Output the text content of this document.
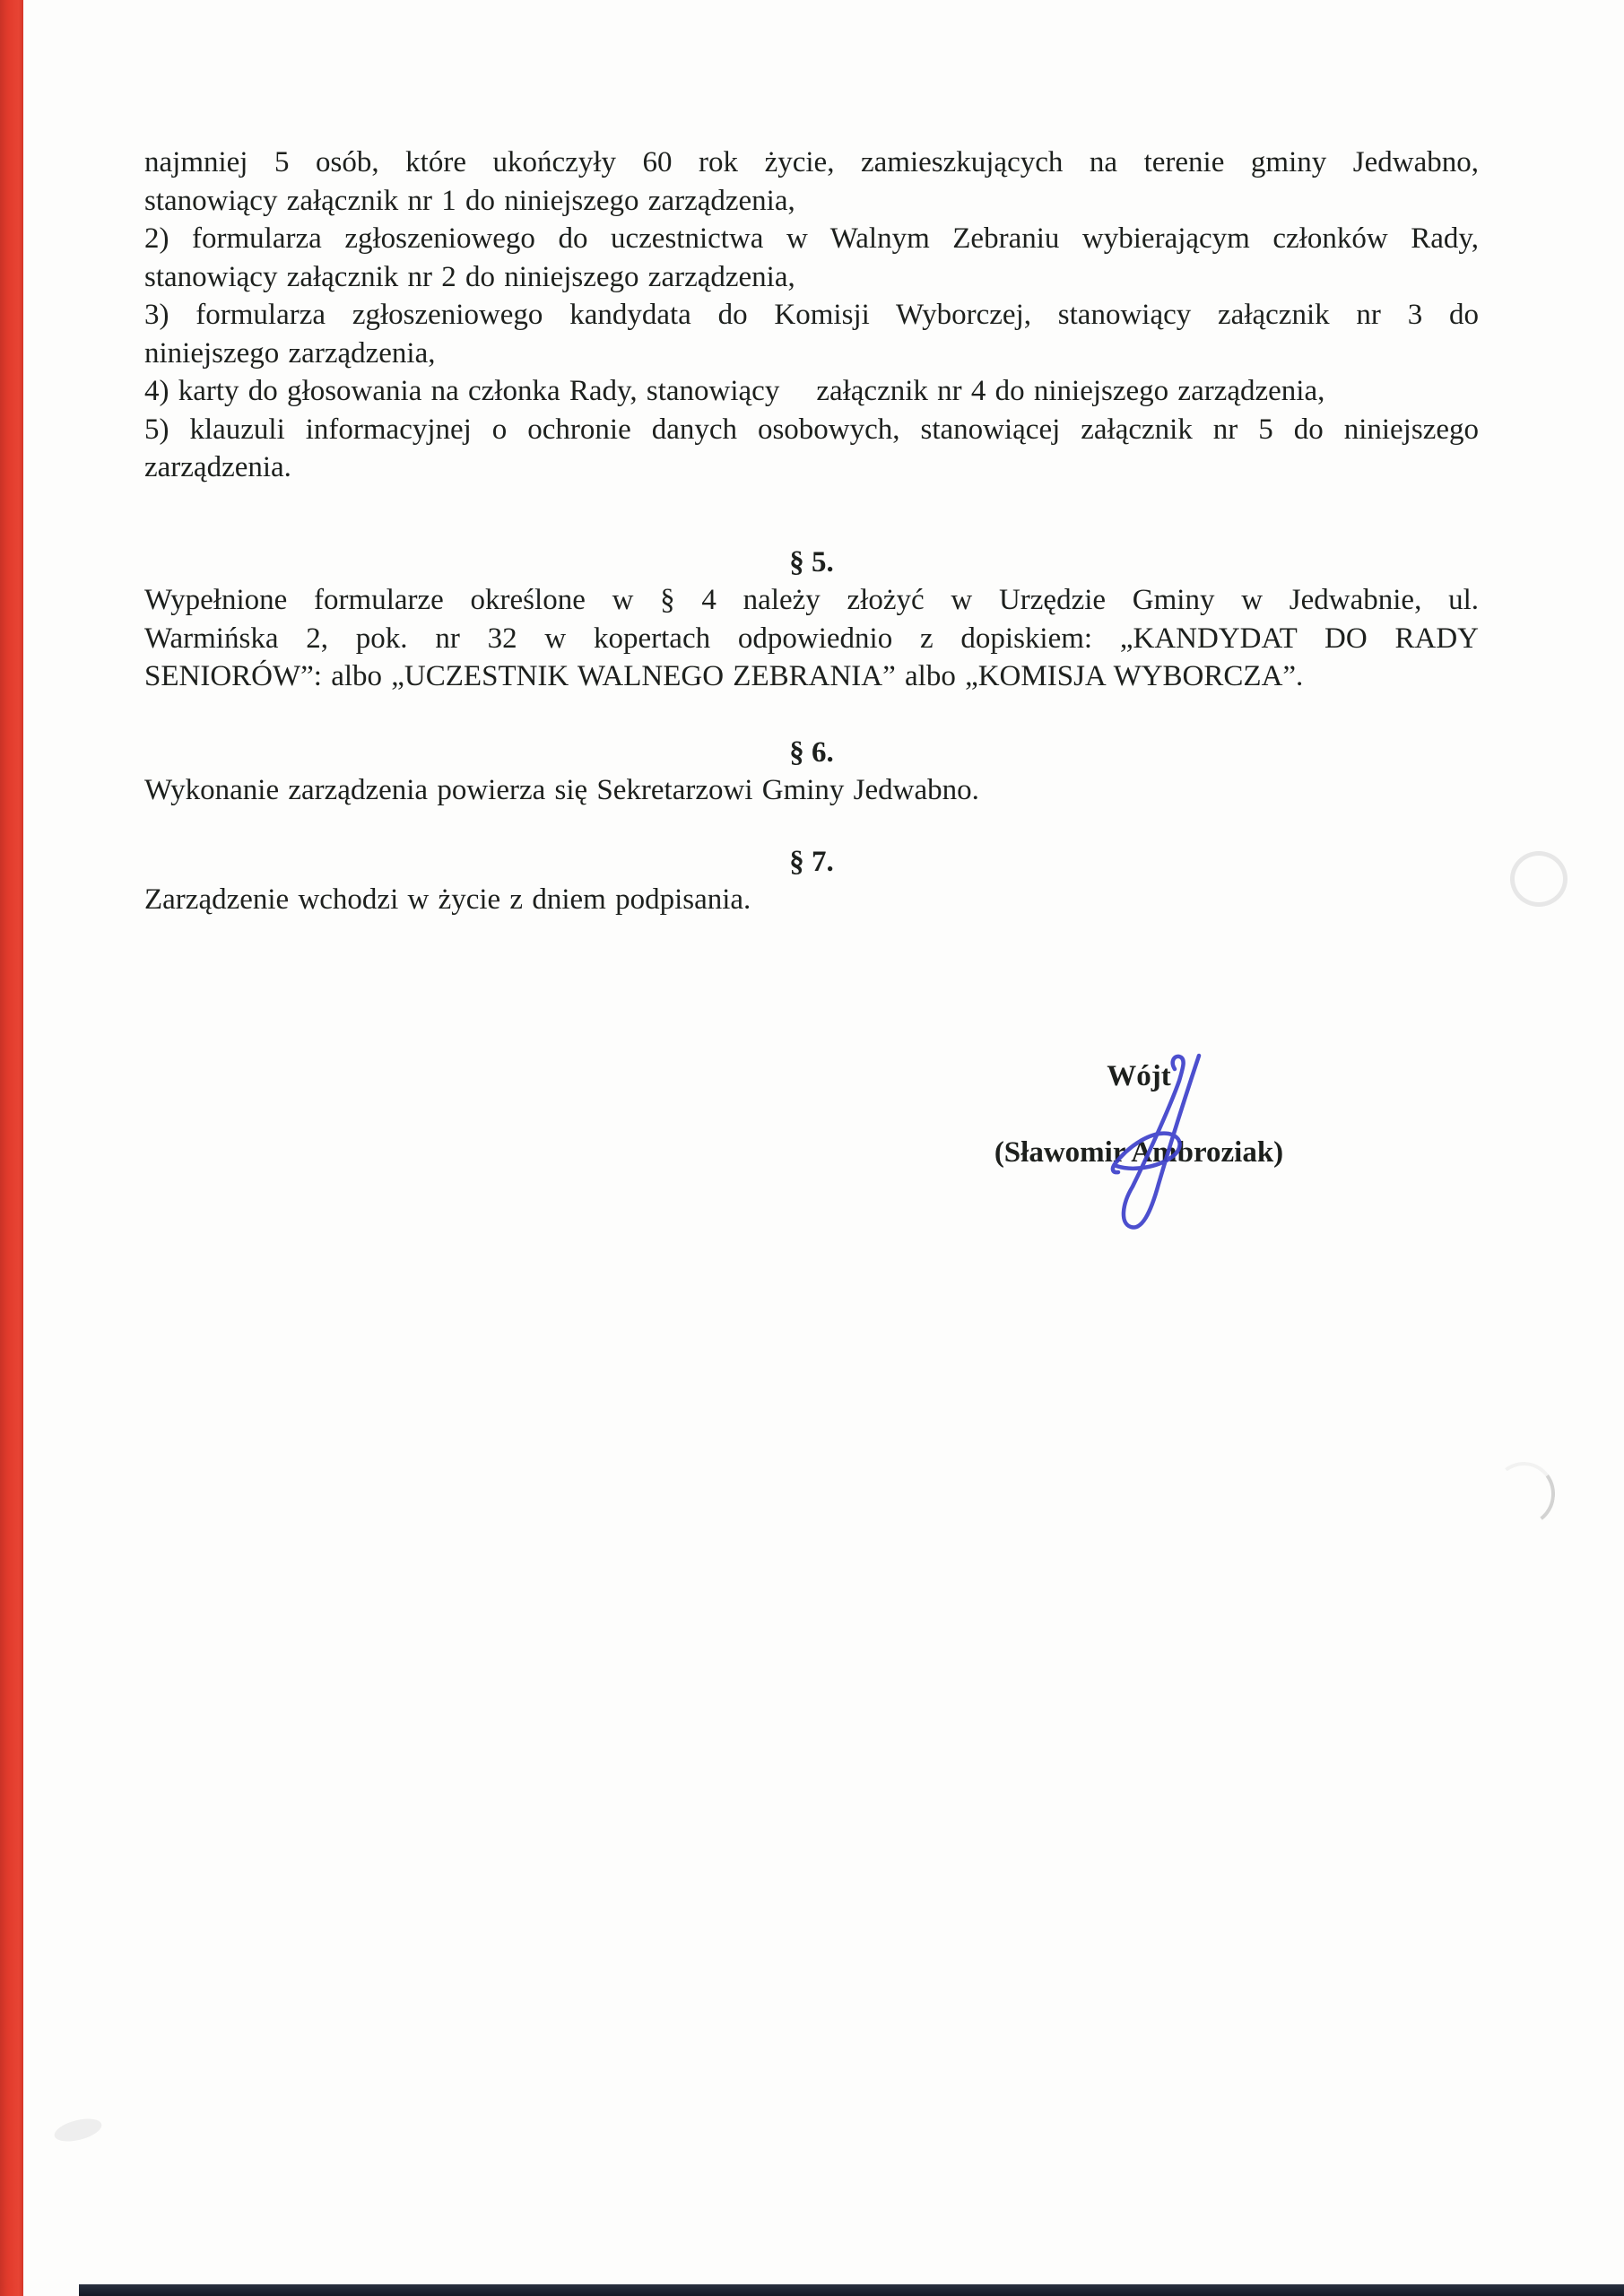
najmniej 5 osób, które ukończyły 60 rok życie, zamieszkujących na terenie gminy Jedwabno,
stanowiący załącznik nr 1 do niniejszego zarządzenia,
2) formularza zgłoszeniowego do uczestnictwa w Walnym Zebraniu wybierającym członków Rady,
stanowiący załącznik nr 2 do niniejszego zarządzenia,
3) formularza zgłoszeniowego kandydata do Komisji Wyborczej, stanowiący załącznik nr 3 do
niniejszego zarządzenia,
4) karty do głosowania na członka Rady, stanowiący    załącznik nr 4 do niniejszego zarządzenia,
5) klauzuli informacyjnej o ochronie danych osobowych, stanowiącej załącznik nr 5 do niniejszego
zarządzenia.
§ 5.
Wypełnione formularze określone w § 4 należy złożyć w Urzędzie Gminy w Jedwabnie, ul.
Warmińska 2, pok. nr 32 w kopertach odpowiednio z dopiskiem: „KANDYDAT DO RADY
SENIORÓW”: albo „UCZESTNIK WALNEGO ZEBRANIA” albo „KOMISJA WYBORCZA”.
§ 6.
Wykonanie zarządzenia powierza się Sekretarzowi Gminy Jedwabno.
§ 7.
Zarządzenie wchodzi w życie z dniem podpisania.
Wójt
(Sławomir Ambroziak)
